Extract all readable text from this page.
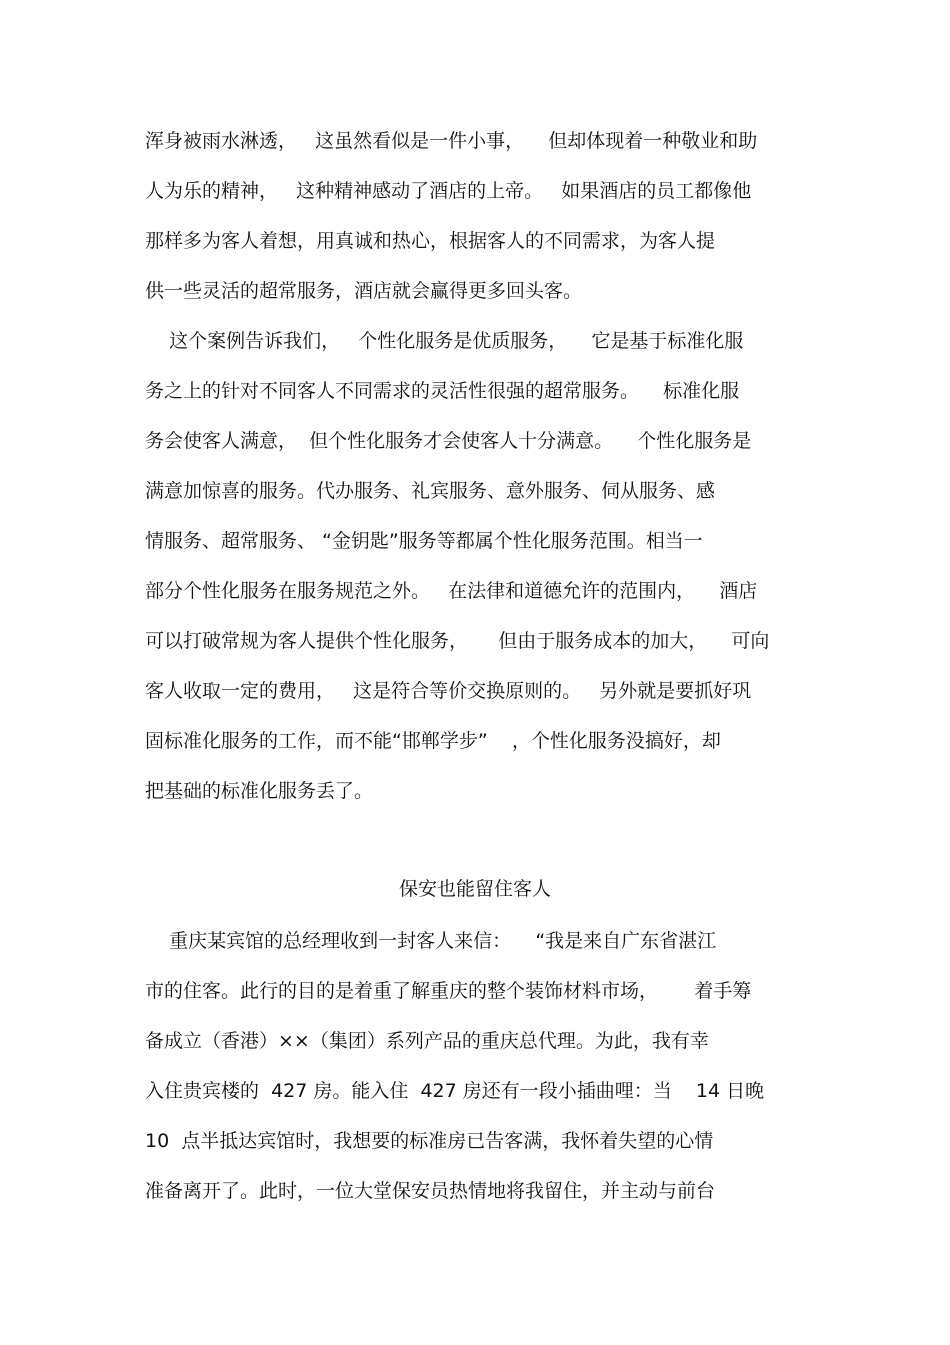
浑身被雨水淋透，   这虽然看似是一件小事，    但却体现着一种敬业和助
人为乐的精神，   这种精神感动了酒店的上帝。   如果酒店的员工都像他
那样多为客人着想，用真诚和热心，根据客人的不同需求，为客人提
供一些灵活的超常服务，酒店就会赢得更多回头客。
这个案例告诉我们，   个性化服务是优质服务，    它是基于标准化服
务之上的针对不同客人不同需求的灵活性很强的超常服务。    标准化服
务会使客人满意，  但个性化服务才会使客人十分满意。    个性化服务是
满意加惊喜的服务。代办服务、礼宾服务、意外服务、伺从服务、感
情服务、超常服务、 “金钥匙”服务等都属个性化服务范围。相当一
部分个性化服务在服务规范之外。   在法律和道德允许的范围内，    酒店
可以打破常规为客人提供个性化服务，     但由于服务成本的加大，    可向
客人收取一定的费用，   这是符合等价交换原则的。   另外就是要抓好巩
固标准化服务的工作，而不能“邯郸学步”    ，个性化服务没搞好，却
把基础的标准化服务丢了。
保安也能留住客人
重庆某宾馆的总经理收到一封客人来信：    “我是来自广东省湛江
市的住客。此行的目的是着重了解重庆的整个装饰材料市场，      着手筹
备成立（香港）××（集团）系列产品的重庆总代理。为此，我有幸
入住贵宾楼的  427 房。能入住  427 房还有一段小插曲哩：当    14 日晚
10  点半抵达宾馆时，我想要的标准房已告客满，我怀着失望的心情
准备离开了。此时，一位大堂保安员热情地将我留住，并主动与前台
